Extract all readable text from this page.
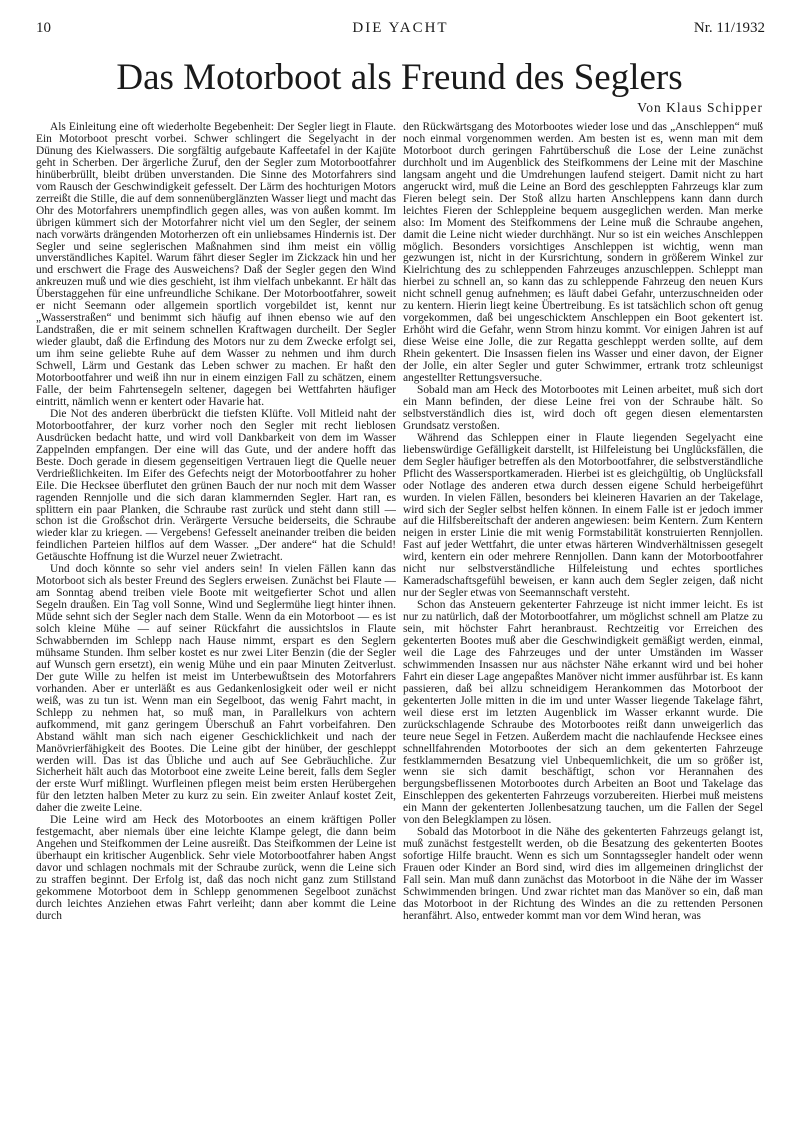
10	DIE YACHT	Nr. 11/1932
Das Motorboot als Freund des Seglers
Von Klaus Schipper

Als Einleitung eine oft wiederholte Begebenheit: Der Segler liegt in Flaute. Ein Motorboot prescht vorbei. Schwer schlingert die Segelyacht in der Dünung des Kielwassers. Die sorgfältig aufgebaute Kaffeetafel in der Kajüte geht in Scherben. Der ärgerliche Zuruf, den der Segler zum Motorbootfahrer hinüberbrüllt, bleibt drüben unverstanden. Die Sinne des Motorfahrers sind vom Rausch der Geschwindigkeit gefesselt. Der Lärm des hochturigen Motors zerreißt die Stille, die auf dem sonnenüberglänzten Wasser liegt und macht das Ohr des Motorfahrers unempfindlich gegen alles, was von außen kommt. Im übrigen kümmert sich der Motorfahrer nicht viel um den Segler, der seinem nach vorwärts drängenden Motorherzen oft ein unliebsames Hindernis ist. Der Segler und seine seglerischen Maßnahmen sind ihm meist ein völlig unverständliches Kapitel. Warum fährt dieser Segler im Zickzack hin und her und erschwert die Frage des Ausweichens? Daß der Segler gegen den Wind ankreuzen muß und wie dies geschieht, ist ihm vielfach unbekannt. Er hält das Überstaggehen für eine unfreundliche Schikane. Der Motorbootfahrer, soweit er nicht Seemann oder allgemein sportlich vorgebildet ist, kennt nur „Wasserstraßen“ und benimmt sich häufig auf ihnen ebenso wie auf den Landstraßen, die er mit seinem schnellen Kraftwagen durcheilt. Der Segler wieder glaubt, daß die Erfindung des Motors nur zu dem Zwecke erfolgt sei, um ihm seine geliebte Ruhe auf dem Wasser zu nehmen und ihm durch Schwell, Lärm und Gestank das Leben schwer zu machen. Er haßt den Motorbootfahrer und weiß ihn nur in einem einzigen Fall zu schätzen, einem Falle, der beim Fahrtensegeln seltener, dagegen bei Wettfahrten häufiger eintritt, nämlich wenn er kentert oder Havarie hat.

Die Not des anderen überbrückt die tiefsten Klüfte. Voll Mitleid naht der Motorbootfahrer, der kurz vorher noch den Segler mit recht lieblosen Ausdrücken bedacht hatte, und wird voll Dankbarkeit von dem im Wasser Zappelnden empfangen. Der eine will das Gute, und der andere hofft das Beste. Doch gerade in diesem gegenseitigen Vertrauen liegt die Quelle neuer Verdrießlichkeiten. Im Eifer des Gefechts neigt der Motorbootfahrer zu hoher Eile. Die Hecksee überflutet den grünen Bauch der nur noch mit dem Wasser ragenden Rennjolle und die sich daran klammernden Segler. Hart ran, es splittern ein paar Planken, die Schraube rast zurück und steht dann still — schon ist die Großschot drin. Verärgerte Versuche beiderseits, die Schraube wieder klar zu kriegen. — Vergebens! Gefesselt aneinander treiben die beiden feindlichen Parteien hilflos auf dem Wasser. „Der andere“ hat die Schuld! Getäuschte Hoffnung ist die Wurzel neuer Zwietracht.

Und doch könnte so sehr viel anders sein! In vielen Fällen kann das Motorboot sich als bester Freund des Seglers erweisen. Zunächst bei Flaute — am Sonntag abend treiben viele Boote mit weitgefierter Schot und allen Segeln draußen. Ein Tag voll Sonne, Wind und Seglermühe liegt hinter ihnen. Müde sehnt sich der Segler nach dem Stalle. Wenn da ein Motorboot — es ist solch kleine Mühe — auf seiner Rückfahrt die aussichtslos in Flaute Schwabbernden im Schlepp nach Hause nimmt, erspart es den Seglern mühsame Stunden. Ihm selber kostet es nur zwei Liter Benzin (die der Segler auf Wunsch gern ersetzt), ein wenig Mühe und ein paar Minuten Zeitverlust. Der gute Wille zu helfen ist meist im Unterbewußtsein des Motorfahrers vorhanden. Aber er unterläßt es aus Gedankenlosigkeit oder weil er nicht weiß, was zu tun ist. Wenn man ein Segelboot, das wenig Fahrt macht, in Schlepp zu nehmen hat, so muß man, in Parallelkurs von achtern aufkommend, mit ganz geringem Überschuß an Fahrt vorbeifahren. Den Abstand wählt man sich nach eigener Geschicklichkeit und nach der Manövrierfähigkeit des Bootes. Die Leine gibt der hinüber, der geschleppt werden will. Das ist das Übliche und auch auf See Gebräuchliche. Zur Sicherheit hält auch das Motorboot eine zweite Leine bereit, falls dem Segler der erste Wurf mißlingt. Wurfleinen pflegen meist beim ersten Herübergehen für den letzten halben Meter zu kurz zu sein. Ein zweiter Anlauf kostet Zeit, daher die zweite Leine.

Die Leine wird am Heck des Motorbootes an einem kräftigen Poller festgemacht, aber niemals über eine leichte Klampe gelegt, die dann beim Angehen und Steifkommen der Leine ausreißt. Das Steifkommen der Leine ist überhaupt ein kritischer Augenblick. Sehr viele Motorbootfahrer haben Angst davor und schlagen nochmals mit der Schraube zurück, wenn die Leine sich zu straffen beginnt. Der Erfolg ist, daß das noch nicht ganz zum Stillstand gekommene Motorboot dem in Schlepp genommenen Segelboot zunächst durch leichtes Anziehen etwas Fahrt verleiht; dann aber kommt die Leine durch

den Rückwärtsgang des Motorbootes wieder lose und das „Anschleppen“ muß noch einmal vorgenommen werden. Am besten ist es, wenn man mit dem Motorboot durch geringen Fahrtüberschuß die Lose der Leine zunächst durchholt und im Augenblick des Steifkommens der Leine mit der Maschine langsam angeht und die Umdrehungen laufend steigert. Damit nicht zu hart angeruckt wird, muß die Leine an Bord des geschleppten Fahrzeugs klar zum Fieren belegt sein. Der Stoß allzu harten Anschleppens kann dann durch leichtes Fieren der Schleppleine bequem ausgeglichen werden. Man merke also: Im Moment des Steifkommens der Leine muß die Schraube angehen, damit die Leine nicht wieder durchhängt. Nur so ist ein weiches Anschleppen möglich. Besonders vorsichtiges Anschleppen ist wichtig, wenn man gezwungen ist, nicht in der Kursrichtung, sondern in größerem Winkel zur Kielrichtung des zu schleppenden Fahrzeuges anzuschleppen. Schleppt man hierbei zu schnell an, so kann das zu schleppende Fahrzeug den neuen Kurs nicht schnell genug aufnehmen; es läuft dabei Gefahr, unterzuschneiden oder zu kentern. Hierin liegt keine Übertreibung. Es ist tatsächlich schon oft genug vorgekommen, daß bei ungeschicktem Anschleppen ein Boot gekentert ist. Erhöht wird die Gefahr, wenn Strom hinzu kommt. Vor einigen Jahren ist auf diese Weise eine Jolle, die zur Regatta geschleppt werden sollte, auf dem Rhein gekentert. Die Insassen fielen ins Wasser und einer davon, der Eigner der Jolle, ein alter Segler und guter Schwimmer, ertrank trotz schleunigst angestellter Rettungsversuche.

Sobald man am Heck des Motorbootes mit Leinen arbeitet, muß sich dort ein Mann befinden, der diese Leine frei von der Schraube hält. So selbstverständlich dies ist, wird doch oft gegen diesen elementarsten Grundsatz verstoßen.

Während das Schleppen einer in Flaute liegenden Segelyacht eine liebenswürdige Gefälligkeit darstellt, ist Hilfeleistung bei Unglücksfällen, die dem Segler häufiger betreffen als den Motorbootfahrer, die selbstverständliche Pflicht des Wassersportkameraden. Hierbei ist es gleichgültig, ob Unglücksfall oder Notlage des anderen etwa durch dessen eigene Schuld herbeigeführt wurden. In vielen Fällen, besonders bei kleineren Havarien an der Takelage, wird sich der Segler selbst helfen können. In einem Falle ist er jedoch immer auf die Hilfsbereitschaft der anderen angewiesen: beim Kentern. Zum Kentern neigen in erster Linie die mit wenig Formstabilität konstruierten Rennjollen. Fast auf jeder Wettfahrt, die unter etwas härteren Windverhältnissen gesegelt wird, kentern ein oder mehrere Rennjollen. Dann kann der Motorbootfahrer nicht nur selbstverständliche Hilfeleistung und echtes sportliches Kameradschaftsgefühl beweisen, er kann auch dem Segler zeigen, daß nicht nur der Segler etwas von Seemannschaft versteht.

Schon das Ansteuern gekenterter Fahrzeuge ist nicht immer leicht. Es ist nur zu natürlich, daß der Motorbootfahrer, um möglichst schnell am Platze zu sein, mit höchster Fahrt heranbraust. Rechtzeitig vor Erreichen des gekenterten Bootes muß aber die Geschwindigkeit gemäßigt werden, einmal, weil die Lage des Fahrzeuges und der unter Umständen im Wasser schwimmenden Insassen nur aus nächster Nähe erkannt wird und bei hoher Fahrt ein dieser Lage angepaßtes Manöver nicht immer ausführbar ist. Es kann passieren, daß bei allzu schneidigem Herankommen das Motorboot der gekenterten Jolle mitten in die im und unter Wasser liegende Takelage fährt, weil diese erst im letzten Augenblick im Wasser erkannt wurde. Die zurückschlagende Schraube des Motorbootes reißt dann unweigerlich das teure neue Segel in Fetzen. Außerdem macht die nachlaufende Hecksee eines schnellfahrenden Motorbootes der sich an dem gekenterten Fahrzeuge festklammernden Besatzung viel Unbequemlichkeit, die um so größer ist, wenn sie sich damit beschäftigt, schon vor Herannahen des bergungsbeflissenen Motorbootes durch Arbeiten an Boot und Takelage das Einschleppen des gekenterten Fahrzeugs vorzubereiten. Hierbei muß meistens ein Mann der gekenterten Jollenbesatzung tauchen, um die Fallen der Segel von den Belegklampen zu lösen.

Sobald das Motorboot in die Nähe des gekenterten Fahrzeugs gelangt ist, muß zunächst festgestellt werden, ob die Besatzung des gekenterten Bootes sofortige Hilfe braucht. Wenn es sich um Sonntagssegler handelt oder wenn Frauen oder Kinder an Bord sind, wird dies im allgemeinen dringlichst der Fall sein. Man muß dann zunächst das Motorboot in die Nähe der im Wasser Schwimmenden bringen. Und zwar richtet man das Manöver so ein, daß man das Motorboot in der Richtung des Windes an die zu rettenden Personen heranfährt. Also, entweder kommt man vor dem Wind heran, was
